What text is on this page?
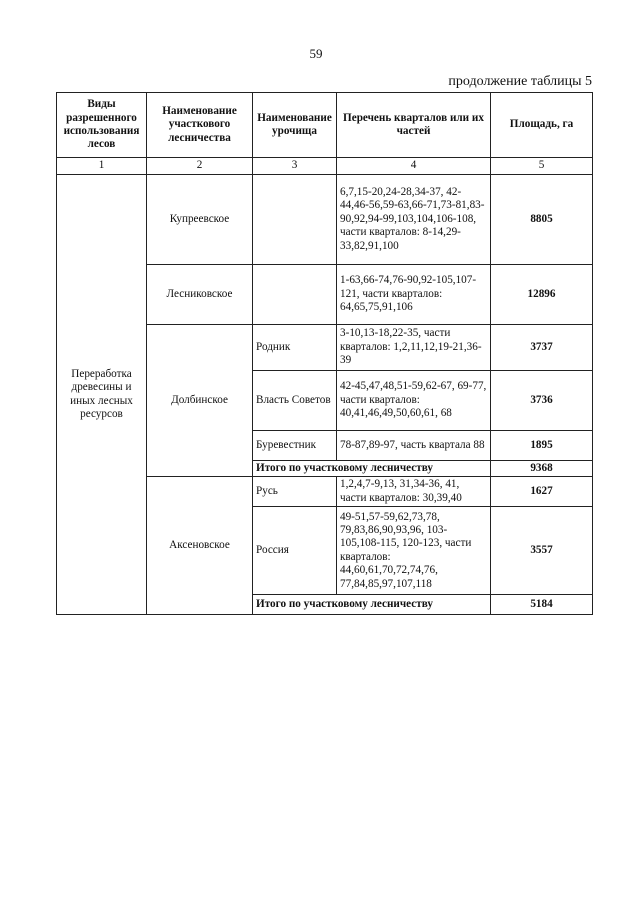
59
продолжение таблицы 5
Виды разрешенного использования лесов	Наименование участкового лесничества	Наименование урочища	Перечень кварталов или их частей	Площадь, га
1	2	3	4	5
Переработка древесины и иных лесных ресурсов	Купреевское		6,7,15-20,24-28,34-37, 42-44,46-56,59-63,66-71,73-81,83-90,92,94-99,103,104,106-108, части кварталов: 8-14,29- 33,82,91,100	8805
	Лесниковское		1-63,66-74,76-90,92-105,107-121, части кварталов: 64,65,75,91,106	12896
	Долбинское	Родник	3-10,13-18,22-35, части кварталов: 1,2,11,12,19-21,36-39	3737
		Власть Советов	42-45,47,48,51-59,62-67, 69-77, части кварталов: 40,41,46,49,50,60,61, 68	3736
		Буревестник	78-87,89-97, часть квартала 88	1895
		Итого по участковому лесничеству		9368
	Аксеновское	Русь	1,2,4,7-9,13, 31,34-36, 41, части кварталов: 30,39,40	1627
		Россия	49-51,57-59,62,73,78, 79,83,86,90,93,96, 103-105,108-115, 120-123, части кварталов: 44,60,61,70,72,74,76, 77,84,85,97,107,118	3557
		Итого по участковому лесничеству		5184
